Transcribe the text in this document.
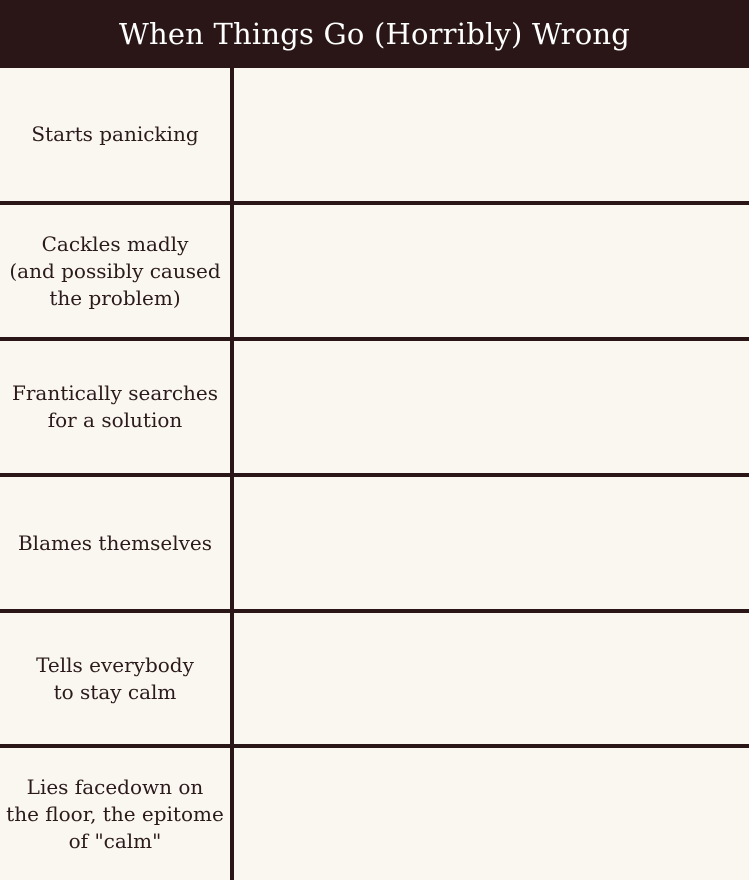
When Things Go (Horribly) Wrong
Starts panicking
Cackles madly
(and possibly caused
the problem)
Frantically searches
for a solution
Blames themselves
Tells everybody
to stay calm
Lies facedown on
the floor, the epitome
of "calm"
